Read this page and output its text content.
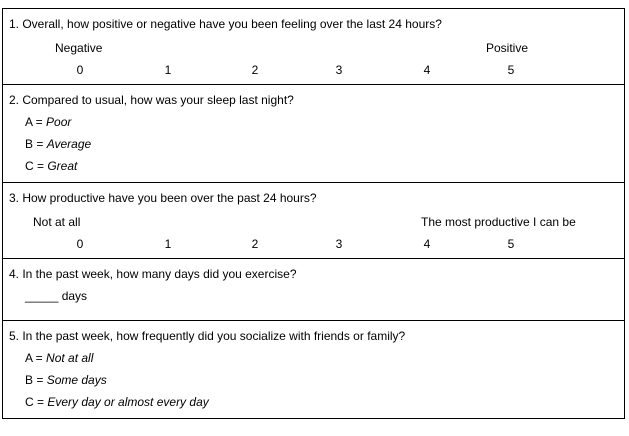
1. Overall, how positive or negative have you been feeling over the last 24 hours?
Negative	Positive
0	1	2	3	4	5
2. Compared to usual, how was your sleep last night?
A = Poor
B = Average
C = Great
3. How productive have you been over the past 24 hours?
Not at all	The most productive I can be
0	1	2	3	4	5
4. In the past week, how many days did you exercise?
_____ days
5. In the past week, how frequently did you socialize with friends or family?
A = Not at all
B = Some days
C = Every day or almost every day
